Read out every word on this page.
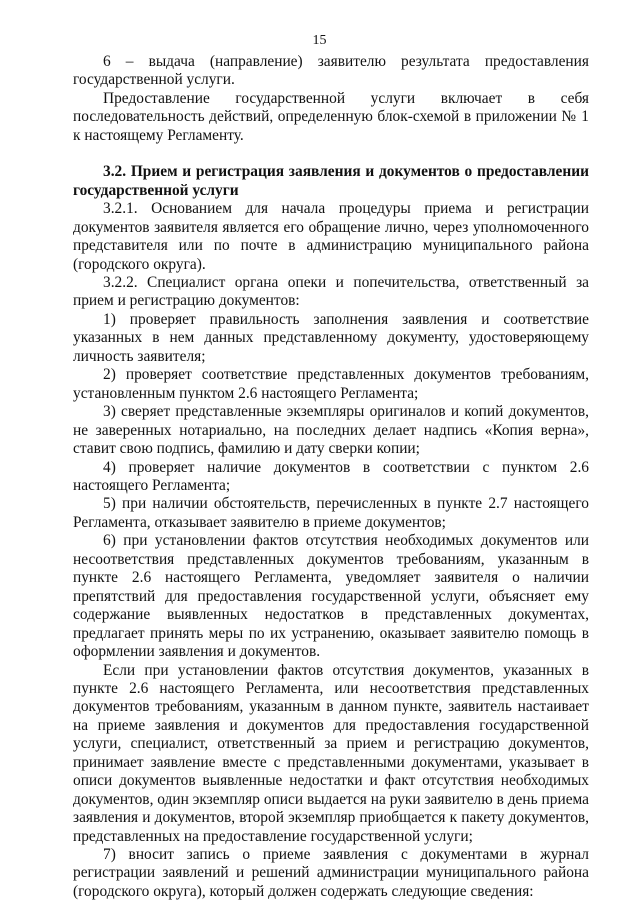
15

6 – выдача (направление) заявителю результата предоставления государственной услуги.

Предоставление государственной услуги включает в себя последовательность действий, определенную блок-схемой в приложении № 1 к настоящему Регламенту.

3.2. Прием и регистрация заявления и документов о предоставлении государственной услуги

3.2.1. Основанием для начала процедуры приема и регистрации документов заявителя является его обращение лично, через уполномоченного представителя или по почте в администрацию муниципального района (городского округа).

3.2.2. Специалист органа опеки и попечительства, ответственный за прием и регистрацию документов:

1) проверяет правильность заполнения заявления и соответствие указанных в нем данных представленному документу, удостоверяющему личность заявителя;

2) проверяет соответствие представленных документов требованиям, установленным пунктом 2.6 настоящего Регламента;

3) сверяет представленные экземпляры оригиналов и копий документов, не заверенных нотариально, на последних делает надпись «Копия верна», ставит свою подпись, фамилию и дату сверки копии;

4) проверяет наличие документов в соответствии с пунктом 2.6 настоящего Регламента;

5) при наличии обстоятельств, перечисленных в пункте 2.7 настоящего Регламента, отказывает заявителю в приеме документов;

6) при установлении фактов отсутствия необходимых документов или несоответствия представленных документов требованиям, указанным в пункте 2.6 настоящего Регламента, уведомляет заявителя о наличии препятствий для предоставления государственной услуги, объясняет ему содержание выявленных недостатков в представленных документах, предлагает принять меры по их устранению, оказывает заявителю помощь в оформлении заявления и документов.

Если при установлении фактов отсутствия документов, указанных в пункте 2.6 настоящего Регламента, или несоответствия представленных документов требованиям, указанным в данном пункте, заявитель настаивает на приеме заявления и документов для предоставления государственной услуги, специалист, ответственный за прием и регистрацию документов, принимает заявление вместе с представленными документами, указывает в описи документов выявленные недостатки и факт отсутствия необходимых документов, один экземпляр описи выдается на руки заявителю в день приема заявления и документов, второй экземпляр приобщается к пакету документов, представленных на предоставление государственной услуги;

7) вносит запись о приеме заявления с документами в журнал регистрации заявлений и решений администрации муниципального района (городского округа), который должен содержать следующие сведения:
